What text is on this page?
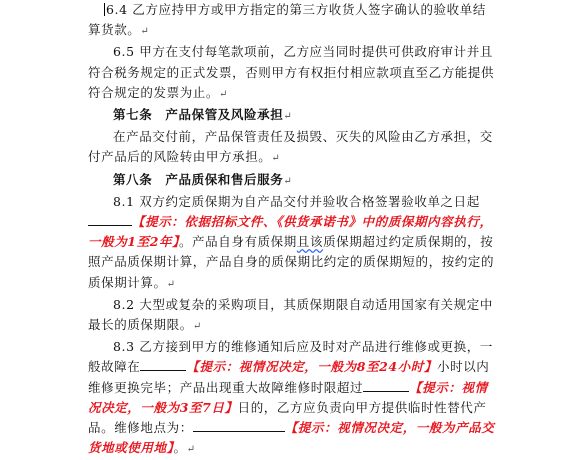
6.4 乙方应持甲方或甲方指定的第三方收货人签字确认的验收单结算货款。↵

6.5 甲方在支付每笔款项前，乙方应当同时提供可供政府审计并且符合税务规定的正式发票，否则甲方有权拒付相应款项直至乙方能提供符合规定的发票为止。↵

第七条　产品保管及风险承担↵

在产品交付前，产品保管责任及损毁、灭失的风险由乙方承担，交付产品后的风险转由甲方承担。↵

第八条　产品质保和售后服务↵

8.1 双方约定质保期为自产品交付并验收合格签署验收单之日起【提示：依据招标文件、《供货承诺书》中的质保期内容执行，一般为1至2年】。产品自身有质保期且该质保期超过约定质保期的，按照产品质保期计算，产品自身的质保期比约定的质保期短的，按约定的质保期计算。↵

8.2 大型或复杂的采购项目，其质保期限自动适用国家有关规定中最长的质保期限。↵

8.3 乙方接到甲方的维修通知后应及时对产品进行维修或更换，一般故障在	【提示：视情况决定，一般为8至24小时】小时以内维修更换完毕；产品出现重大故障维修时限超过	【提示：视情况决定，一般为3至7日】日的，乙方应负责向甲方提供临时性替代产品。维修地点为：	【提示：视情况决定，一般为产品交货地或使用地】。↵
